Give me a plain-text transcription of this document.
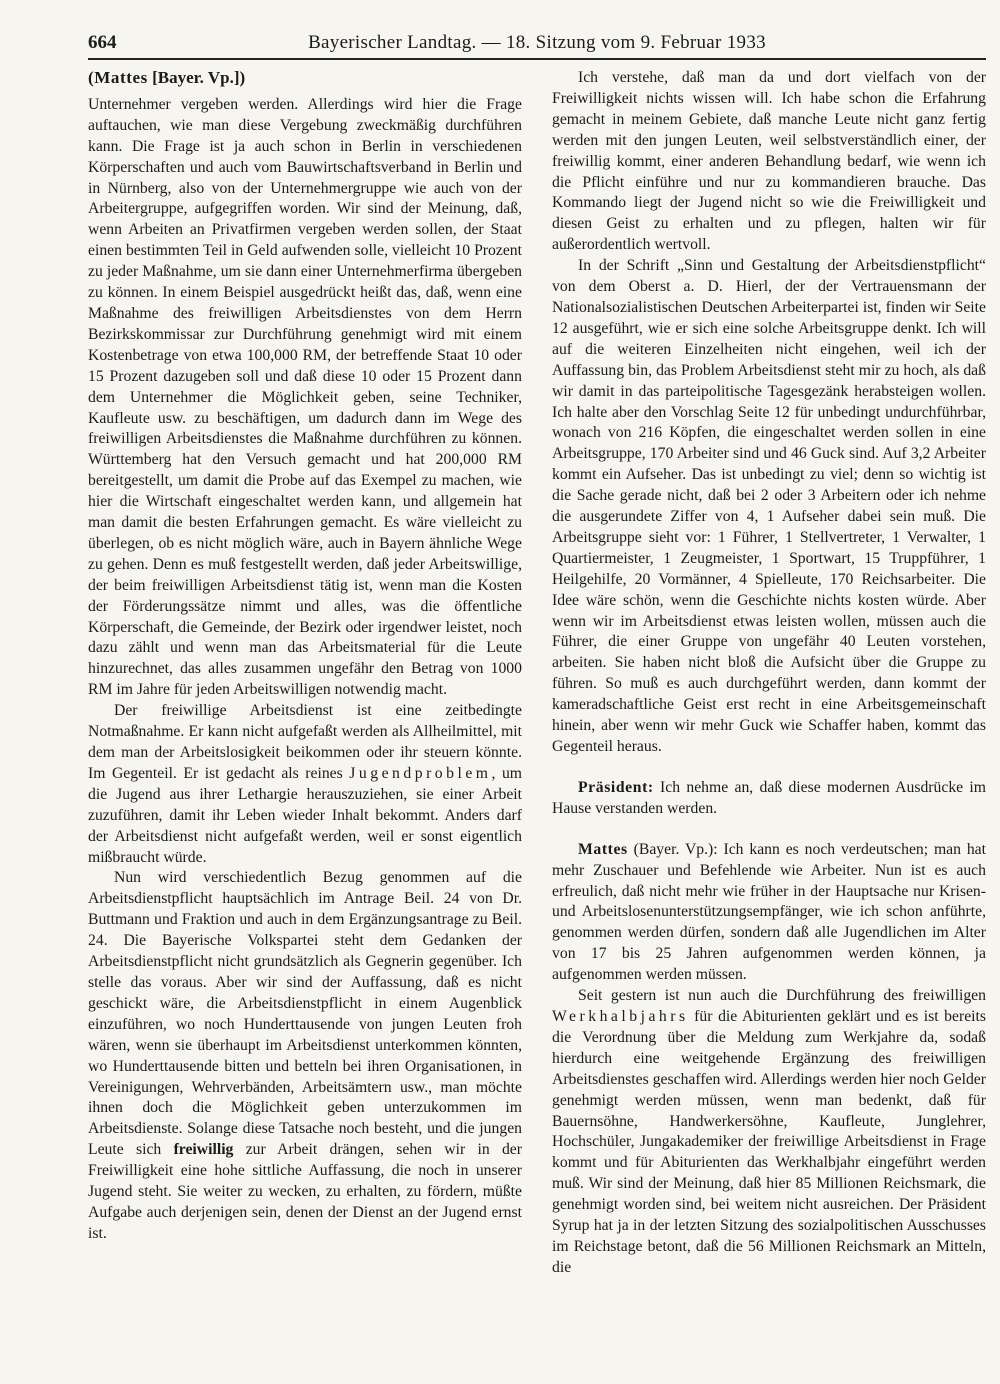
664	Bayerischer Landtag. — 18. Sitzung vom 9. Februar 1933
(Mattes [Bayer. Vp.])

Unternehmer vergeben werden. Allerdings wird hier die Frage auftauchen, wie man diese Vergebung zweckmäßig durchführen kann. Die Frage ist ja auch schon in Berlin in verschiedenen Körperschaften und auch vom Bauwirtschaftsverband in Berlin und in Nürnberg, also von der Unternehmergruppe wie auch von der Arbeitergruppe, aufgegriffen worden. Wir sind der Meinung, daß, wenn Arbeiten an Privatfirmen vergeben werden sollen, der Staat einen bestimmten Teil in Geld aufwenden solle, vielleicht 10 Prozent zu jeder Maßnahme, um sie dann einer Unternehmerfirma übergeben zu können. In einem Beispiel ausgedrückt heißt das, daß, wenn eine Maßnahme des freiwilligen Arbeitsdienstes von dem Herrn Bezirkskommissar zur Durchführung genehmigt wird mit einem Kostenbetrage von etwa 100,000 RM, der betreffende Staat 10 oder 15 Prozent dazugeben soll und daß diese 10 oder 15 Prozent dann dem Unternehmer die Möglichkeit geben, seine Techniker, Kaufleute usw. zu beschäftigen, um dadurch dann im Wege des freiwilligen Arbeitsdienstes die Maßnahme durchführen zu können. Württemberg hat den Versuch gemacht und hat 200,000 RM bereitgestellt, um damit die Probe auf das Exempel zu machen, wie hier die Wirtschaft eingeschaltet werden kann, und allgemein hat man damit die besten Erfahrungen gemacht. Es wäre vielleicht zu überlegen, ob es nicht möglich wäre, auch in Bayern ähnliche Wege zu gehen. Denn es muß festgestellt werden, daß jeder Arbeitswillige, der beim freiwilligen Arbeitsdienst tätig ist, wenn man die Kosten der Förderungssätze nimmt und alles, was die öffentliche Körperschaft, die Gemeinde, der Bezirk oder irgendwer leistet, noch dazu zählt und wenn man das Arbeitsmaterial für die Leute hinzurechnet, das alles zusammen ungefähr den Betrag von 1000 RM im Jahre für jeden Arbeitswilligen notwendig macht.

Der freiwillige Arbeitsdienst ist eine zeitbedingte Notmaßnahme. Er kann nicht aufgefaßt werden als Allheilmittel, mit dem man der Arbeitslosigkeit beikommen oder ihr steuern könnte. Im Gegenteil. Er ist gedacht als reines Jugendproblem, um die Jugend aus ihrer Lethargie herauszuziehen, sie einer Arbeit zuzuführen, damit ihr Leben wieder Inhalt bekommt. Anders darf der Arbeitsdienst nicht aufgefaßt werden, weil er sonst eigentlich mißbraucht würde.

Nun wird verschiedentlich Bezug genommen auf die Arbeitsdienstpflicht hauptsächlich im Antrage Beil. 24 von Dr. Buttmann und Fraktion und auch in dem Ergänzungsantrage zu Beil. 24. Die Bayerische Volkspartei steht dem Gedanken der Arbeitsdienstpflicht nicht grundsätzlich als Gegnerin gegenüber. Ich stelle das voraus. Aber wir sind der Auffassung, daß es nicht geschickt wäre, die Arbeitsdienstpflicht in einem Augenblick einzuführen, wo noch Hunderttausende von jungen Leuten froh wären, wenn sie überhaupt im Arbeitsdienst unterkommen könnten, wo Hunderttausende bitten und betteln bei ihren Organisationen, in Vereinigungen, Wehrverbänden, Arbeitsämtern usw., man möchte ihnen doch die Möglichkeit geben unterzukommen im Arbeitsdienste. Solange diese Tatsache noch besteht, und die jungen Leute sich freiwillig zur Arbeit drängen, sehen wir in der Freiwilligkeit eine hohe sittliche Auffassung, die noch in unserer Jugend steht. Sie weiter zu wecken, zu erhalten, zu fördern, müßte Aufgabe auch derjenigen sein, denen der Dienst an der Jugend ernst ist.

Ich verstehe, daß man da und dort vielfach von der Freiwilligkeit nichts wissen will. Ich habe schon die Erfahrung gemacht in meinem Gebiete, daß manche Leute nicht ganz fertig werden mit den jungen Leuten, weil selbstverständlich einer, der freiwillig kommt, einer anderen Behandlung bedarf, wie wenn ich die Pflicht einführe und nur zu kommandieren brauche. Das Kommando liegt der Jugend nicht so wie die Freiwilligkeit und diesen Geist zu erhalten und zu pflegen, halten wir für außerordentlich wertvoll.

In der Schrift „Sinn und Gestaltung der Arbeitsdienstpflicht“ von dem Oberst a. D. Hierl, der der Vertrauensmann der Nationalsozialistischen Deutschen Arbeiterpartei ist, finden wir Seite 12 ausgeführt, wie er sich eine solche Arbeitsgruppe denkt. Ich will auf die weiteren Einzelheiten nicht eingehen, weil ich der Auffassung bin, das Problem Arbeitsdienst steht mir zu hoch, als daß wir damit in das parteipolitische Tagesgezänk herabsteigen wollen. Ich halte aber den Vorschlag Seite 12 für unbedingt undurchführbar, wonach von 216 Köpfen, die eingeschaltet werden sollen in eine Arbeitsgruppe, 170 Arbeiter sind und 46 Guck sind. Auf 3,2 Arbeiter kommt ein Aufseher. Das ist unbedingt zu viel; denn so wichtig ist die Sache gerade nicht, daß bei 2 oder 3 Arbeitern oder ich nehme die ausgerundete Ziffer von 4, 1 Aufseher dabei sein muß. Die Arbeitsgruppe sieht vor: 1 Führer, 1 Stellvertreter, 1 Verwalter, 1 Quartiermeister, 1 Zeugmeister, 1 Sportwart, 15 Truppführer, 1 Heilgehilfe, 20 Vormänner, 4 Spielleute, 170 Reichsarbeiter. Die Idee wäre schön, wenn die Geschichte nichts kosten würde. Aber wenn wir im Arbeitsdienst etwas leisten wollen, müssen auch die Führer, die einer Gruppe von ungefähr 40 Leuten vorstehen, arbeiten. Sie haben nicht bloß die Aufsicht über die Gruppe zu führen. So muß es auch durchgeführt werden, dann kommt der kameradschaftliche Geist erst recht in eine Arbeitsgemeinschaft hinein, aber wenn wir mehr Guck wie Schaffer haben, kommt das Gegenteil heraus.

Präsident: Ich nehme an, daß diese modernen Ausdrücke im Hause verstanden werden.

Mattes (Bayer. Vp.): Ich kann es noch verdeutschen; man hat mehr Zuschauer und Befehlende wie Arbeiter. Nun ist es auch erfreulich, daß nicht mehr wie früher in der Hauptsache nur Krisen- und Arbeitslosenunterstützungsempfänger, wie ich schon anführte, genommen werden dürfen, sondern daß alle Jugendlichen im Alter von 17 bis 25 Jahren aufgenommen werden können, ja aufgenommen werden müssen.

Seit gestern ist nun auch die Durchführung des freiwilligen Werkhalbjahrs für die Abiturienten geklärt und es ist bereits die Verordnung über die Meldung zum Werkjahre da, sodaß hierdurch eine weitgehende Ergänzung des freiwilligen Arbeitsdienstes geschaffen wird. Allerdings werden hier noch Gelder genehmigt werden müssen, wenn man bedenkt, daß für Bauernsöhne, Handwerkersöhne, Kaufleute, Junglehrer, Hochschüler, Jungakademiker der freiwillige Arbeitsdienst in Frage kommt und für Abiturienten das Werkhalbjahr eingeführt werden muß. Wir sind der Meinung, daß hier 85 Millionen Reichsmark, die genehmigt worden sind, bei weitem nicht ausreichen. Der Präsident Syrup hat ja in der letzten Sitzung des sozialpolitischen Ausschusses im Reichstage betont, daß die 56 Millionen Reichsmark an Mitteln, die
